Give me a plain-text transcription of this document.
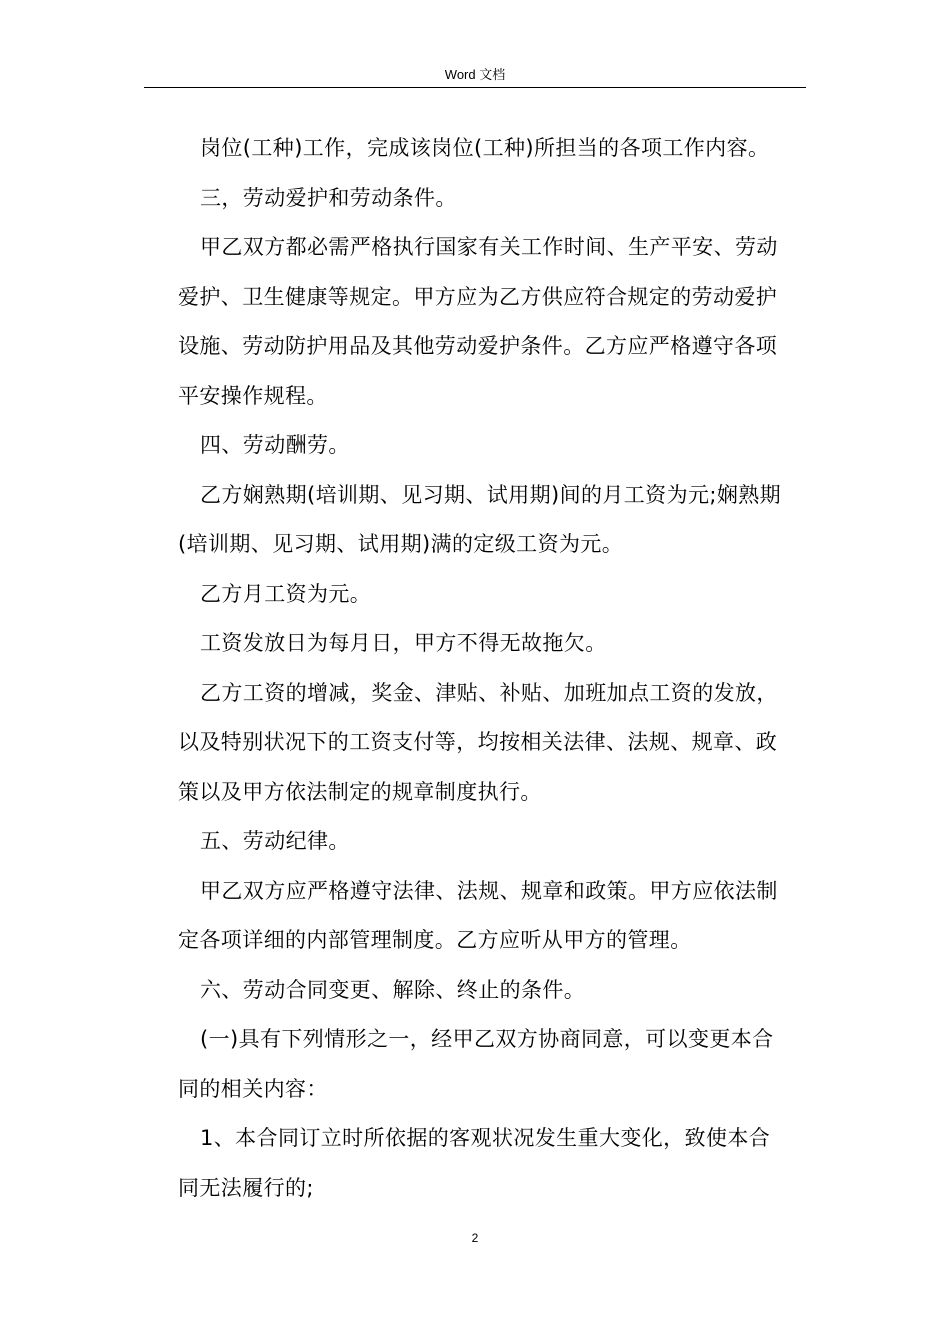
Word 文档

岗位(工种)工作，完成该岗位(工种)所担当的各项工作内容。

三，劳动爱护和劳动条件。

甲乙双方都必需严格执行国家有关工作时间、生产平安、劳动
爱护、卫生健康等规定。甲方应为乙方供应符合规定的劳动爱护
设施、劳动防护用品及其他劳动爱护条件。乙方应严格遵守各项
平安操作规程。

四、劳动酬劳。

乙方娴熟期(培训期、见习期、试用期)间的月工资为元;娴熟期
(培训期、见习期、试用期)满的定级工资为元。

乙方月工资为元。

工资发放日为每月日，甲方不得无故拖欠。

乙方工资的增减，奖金、津贴、补贴、加班加点工资的发放，
以及特别状况下的工资支付等，均按相关法律、法规、规章、政
策以及甲方依法制定的规章制度执行。

五、劳动纪律。

甲乙双方应严格遵守法律、法规、规章和政策。甲方应依法制
定各项详细的内部管理制度。乙方应听从甲方的管理。

六、劳动合同变更、解除、终止的条件。

(一)具有下列情形之一，经甲乙双方协商同意，可以变更本合
同的相关内容：

1、本合同订立时所依据的客观状况发生重大变化，致使本合
同无法履行的;

2
